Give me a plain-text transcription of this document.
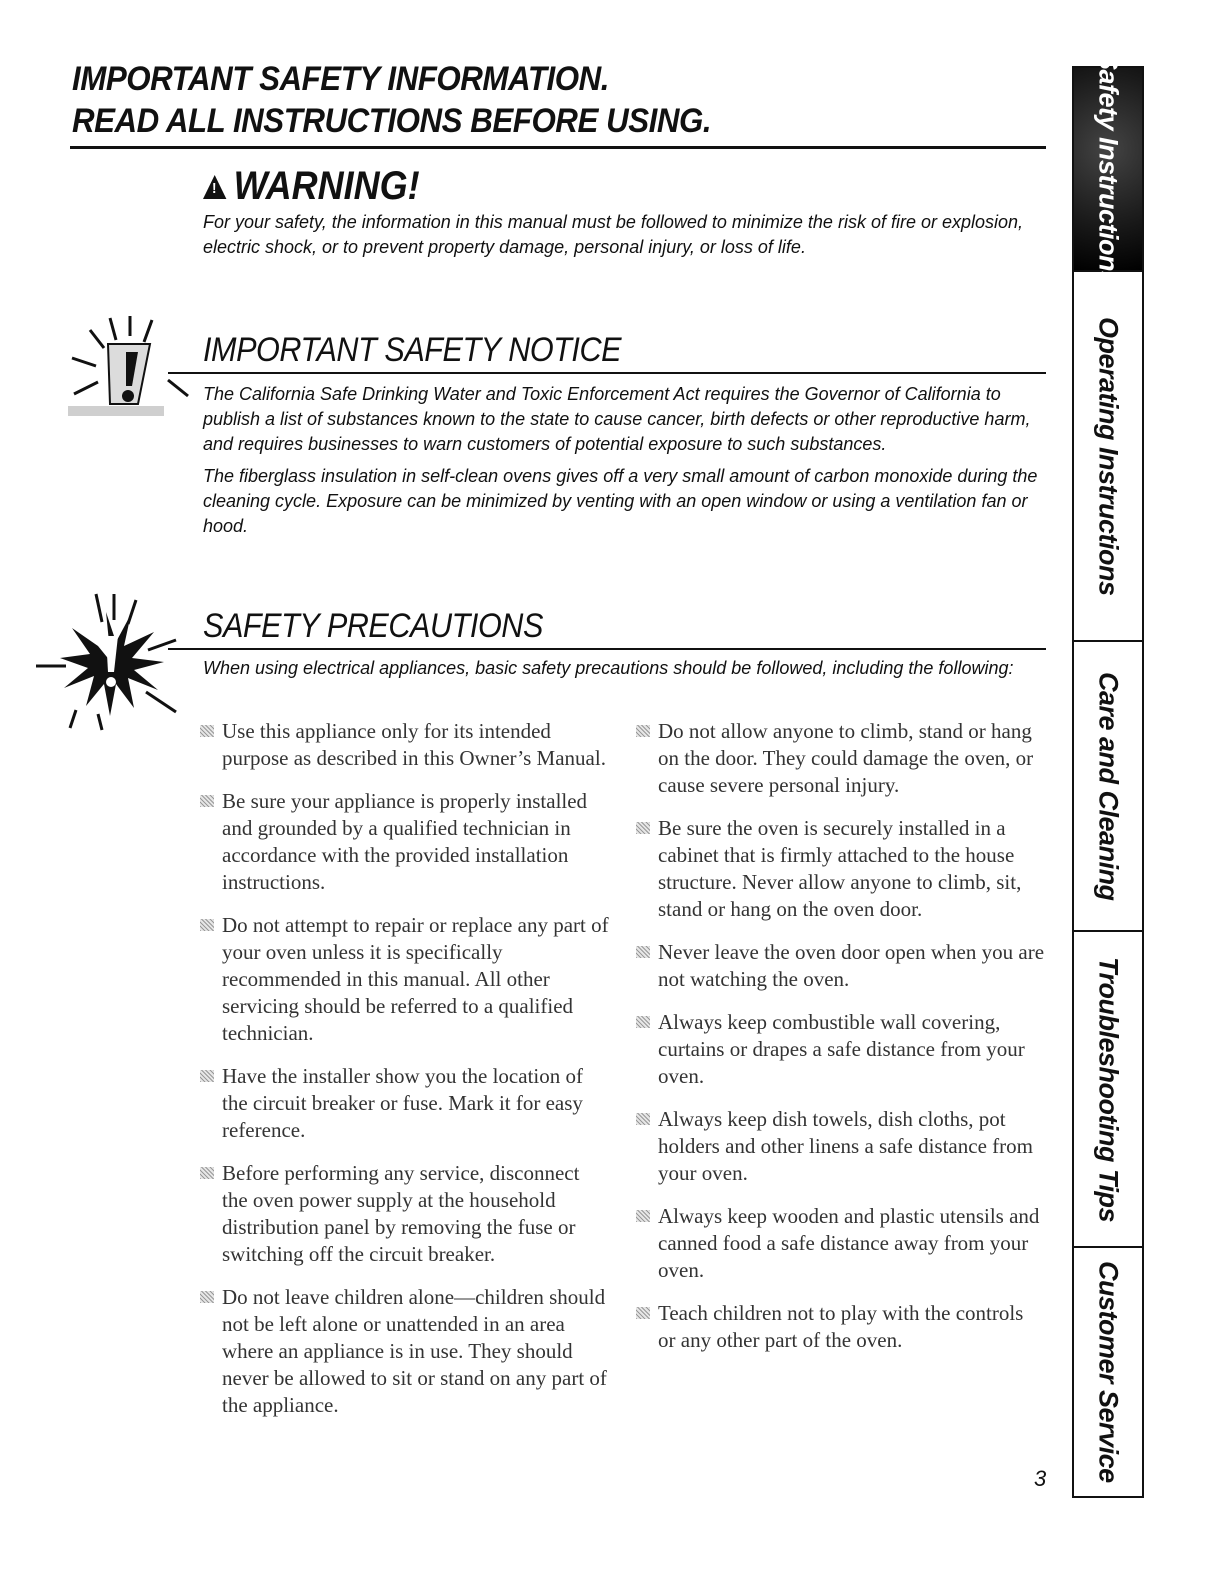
IMPORTANT SAFETY INFORMATION.
READ ALL INSTRUCTIONS BEFORE USING.
!WARNING!
For your safety, the information in this manual must be followed to minimize the risk of fire or explosion, electric shock, or to prevent property damage, personal injury, or loss of life.
IMPORTANT SAFETY NOTICE
The California Safe Drinking Water and Toxic Enforcement Act requires the Governor of California to publish a list of substances known to the state to cause cancer, birth defects or other reproductive harm, and requires businesses to warn customers of potential exposure to such substances.
The fiberglass insulation in self-clean ovens gives off a very small amount of carbon monoxide during the cleaning cycle. Exposure can be minimized by venting with an open window or using a ventilation fan or hood.
SAFETY PRECAUTIONS
When using electrical appliances, basic safety precautions should be followed, including the following:
Use this appliance only for its intended purpose as described in this Owner’s Manual.
Be sure your appliance is properly installed and grounded by a qualified technician in accordance with the provided installation instructions.
Do not attempt to repair or replace any part of your oven unless it is specifically recommended in this manual. All other servicing should be referred to a qualified technician.
Have the installer show you the location of the circuit breaker or fuse. Mark it for easy reference.
Before performing any service, disconnect the oven power supply at the household distribution panel by removing the fuse or switching off the circuit breaker.
Do not leave children alone—children should not be left alone or unattended in an area where an appliance is in use. They should never be allowed to sit or stand on any part of the appliance.
Do not allow anyone to climb, stand or hang on the door. They could damage the oven, or cause severe personal injury.
Be sure the oven is securely installed in a cabinet that is firmly attached to the house structure. Never allow anyone to climb, sit, stand or hang on the oven door.
Never leave the oven door open when you are not watching the oven.
Always keep combustible wall covering, curtains or drapes a safe distance from your oven.
Always keep dish towels, dish cloths, pot holders and other linens a safe distance from your oven.
Always keep wooden and plastic utensils and canned food a safe distance away from your oven.
Teach children not to play with the controls or any other part of the oven.
Safety Instructions
Operating Instructions
Care and Cleaning
Troubleshooting Tips
Customer Service
3
